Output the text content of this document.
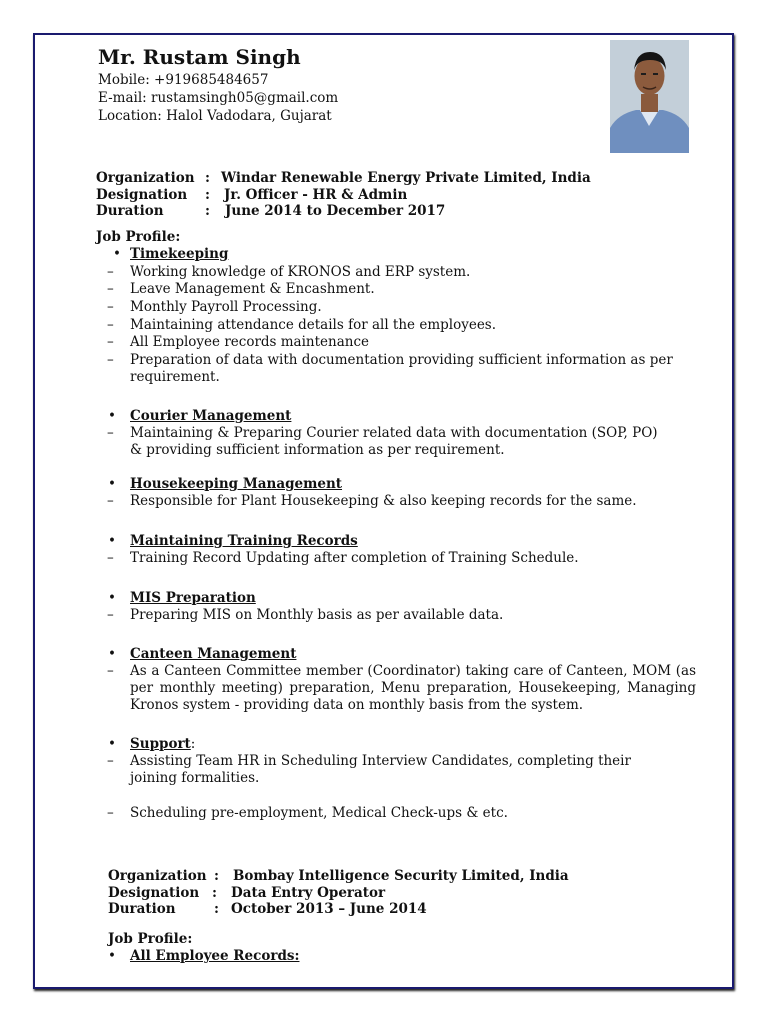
Mr. Rustam Singh
Mobile: +919685484657
E-mail: rustamsingh05@gmail.com
Location: Halol Vadodara, Gujarat
Organization : Windar Renewable Energy Private Limited, India
Designation : Jr. Officer - HR & Admin
Duration	: June 2014 to December 2017
Job Profile:
• Timekeeping
– Working knowledge of KRONOS and ERP system.
– Leave Management & Encashment.
– Monthly Payroll Processing.
– Maintaining attendance details for all the employees.
– All Employee records maintenance
– Preparation of data with documentation providing sufficient information as per requirement.
• Courier Management
– Maintaining & Preparing Courier related data with documentation (SOP, PO) & providing sufficient information as per requirement.
• Housekeeping Management
– Responsible for Plant Housekeeping & also keeping records for the same.
• Maintaining Training Records
– Training Record Updating after completion of Training Schedule.
• MIS Preparation
– Preparing MIS on Monthly basis as per available data.
• Canteen Management
– As a Canteen Committee member (Coordinator) taking care of Canteen, MOM (as per monthly meeting) preparation, Menu preparation, Housekeeping, Managing Kronos system - providing data on monthly basis from the system.
• Support:
– Assisting Team HR in Scheduling Interview Candidates, completing their joining formalities.
– Scheduling pre-employment, Medical Check-ups & etc.
Organization : Bombay Intelligence Security Limited, India
Designation : Data Entry Operator
Duration	: October 2013 – June 2014
Job Profile:
• All Employee Records:
